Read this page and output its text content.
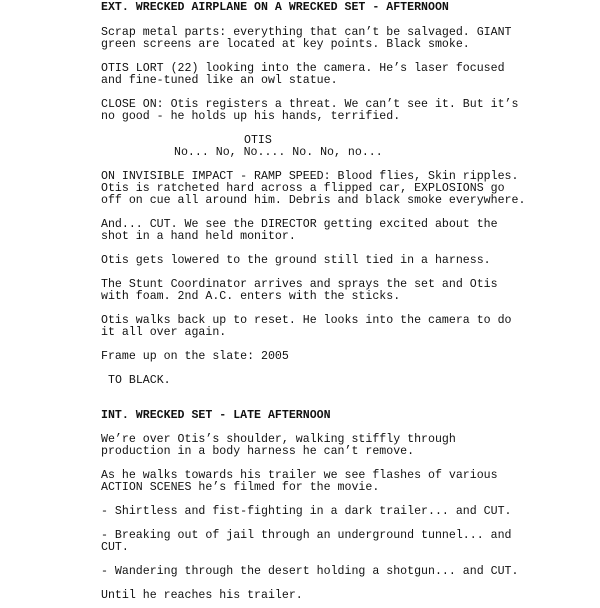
EXT. WRECKED AIRPLANE ON A WRECKED SET - AFTERNOON
Scrap metal parts: everything that can’t be salvaged. GIANT
green screens are located at key points. Black smoke.
OTIS LORT (22) looking into the camera. He’s laser focused
and fine-tuned like an owl statue.
CLOSE ON: Otis registers a threat. We can’t see it. But it’s
no good - he holds up his hands, terrified.
OTIS
No... No, No.... No. No, no...
ON INVISIBLE IMPACT - RAMP SPEED: Blood flies, Skin ripples.
Otis is ratcheted hard across a flipped car, EXPLOSIONS go
off on cue all around him. Debris and black smoke everywhere.
And... CUT. We see the DIRECTOR getting excited about the
shot in a hand held monitor.
Otis gets lowered to the ground still tied in a harness.
The Stunt Coordinator arrives and sprays the set and Otis
with foam. 2nd A.C. enters with the sticks.
Otis walks back up to reset. He looks into the camera to do
it all over again.
Frame up on the slate: 2005
TO BLACK.
INT. WRECKED SET - LATE AFTERNOON
We’re over Otis’s shoulder, walking stiffly through
production in a body harness he can’t remove.
As he walks towards his trailer we see flashes of various
ACTION SCENES he’s filmed for the movie.
- Shirtless and fist-fighting in a dark trailer... and CUT.
- Breaking out of jail through an underground tunnel... and
CUT.
- Wandering through the desert holding a shotgun... and CUT.
Until he reaches his trailer.
